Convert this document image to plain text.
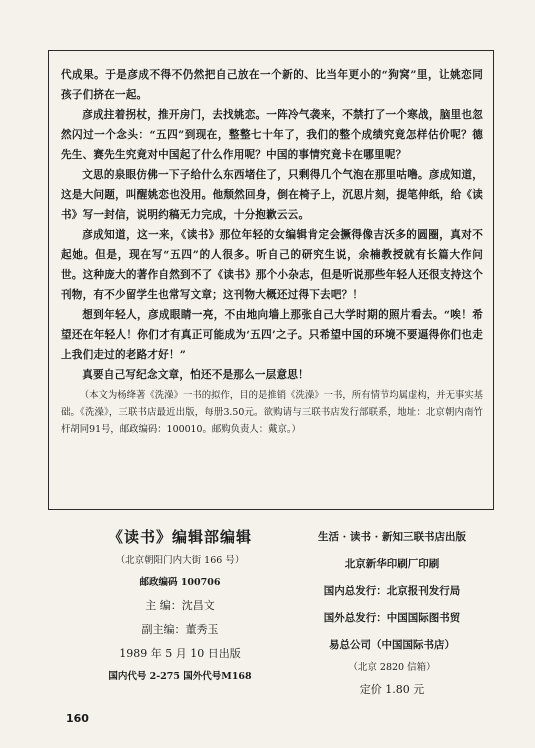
代成果。于是彦成不得不仍然把自己放在一个新的、比当年更小的“狗窝”里，让姚恋同孩子们挤在一起。

彦成拄着拐杖，推开房门，去找姚恋。一阵冷气袭来，不禁打了一个寒战，脑里也忽然闪过一个念头：“五四”到现在，整整七十年了，我们的整个成绩究竟怎样估价呢？德先生、赛先生究竟对中国起了什么作用呢？中国的事情究竟卡在哪里呢？

文思的泉眼仿佛一下子给什么东西堵住了，只剩得几个气泡在那里咕噜。彦成知道，这是大问题，叫醒姚恋也没用。他颓然回身，倒在椅子上，沉思片刻，提笔伸纸，给《读书》写一封信，说明约稿无力完成，十分抱歉云云。

彦成知道，这一来，《读书》那位年轻的女编辑肯定会撅得像吉沃多的圆圈，真对不起她。但是，现在写“五四”的人很多。听自己的研究生说，余楠教授就有长篇大作问世。这种庞大的著作自然到不了《读书》那个小杂志，但是听说那些年轻人还很支持这个刊物，有不少留学生也常写文章；这刊物大概还过得下去吧？！

想到年轻人，彦成眼睛一亮，不由地向墙上那张自己大学时期的照片看去。“唉！希望还在年轻人！你们才有真正可能成为‘五四’之子。只希望中国的环境不要逼得你们也走上我们走过的老路才好！”

真要自己写纪念文章，怕还不是那么一层意思！

（本文为杨绛著《洗澡》一书的拟作，目的是推销《洗澡》一书，所有情节均属虚构，并无事实基础。《洗澡》，三联书店最近出版，每册3.50元。欲购请与三联书店发行部联系，地址：北京朝内南竹杆胡同91号，邮政编码：100010。邮购负责人：戴京。）

《读书》编辑部编辑
（北京朝阳门内大街 166 号）
邮政编码 100706
主 编：沈昌文
副主编：董秀玉
1989 年 5 月 10 日出版
国内代号 2-275 国外代号M168
生活 · 读书 · 新知三联书店出版
北京新华印刷厂印刷
国内总发行：北京报刊发行局
国外总发行：中国国际图书贸
易总公司（中国国际书店）
（北京 2820 信箱）
定价 1.80 元
160
